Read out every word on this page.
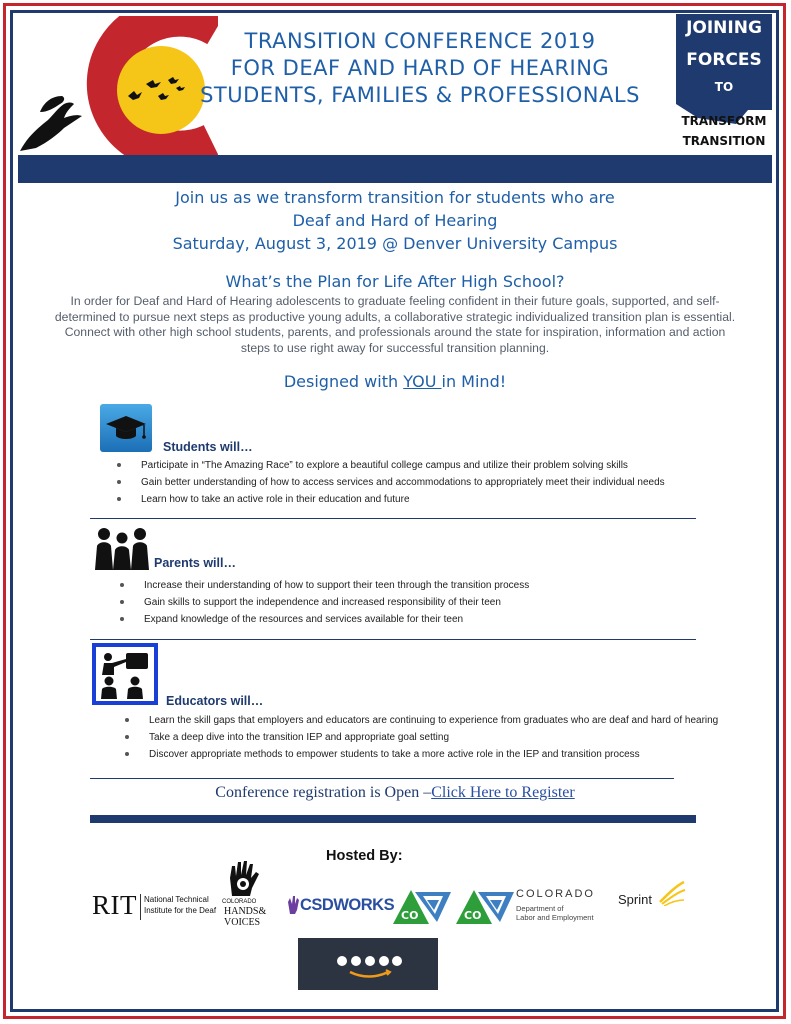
TRANSITION CONFERENCE 2019
FOR DEAF AND HARD OF HEARING
STUDENTS, FAMILIES & PROFESSIONALS
JOINING
FORCES
TO
TRANSFORM
TRANSITION
Join us as we transform transition for students who are
Deaf and Hard of Hearing
Saturday, August 3, 2019 @ Denver University Campus
What’s the Plan for Life After High School?
In order for Deaf and Hard of Hearing adolescents to graduate feeling confident in their future goals, supported, and self-
determined to pursue next steps as productive young adults, a collaborative strategic individualized transition plan is essential.
Connect with other high school students, parents, and professionals around the state for inspiration, information and action
steps to use right away for successful transition planning.
Designed with YOU in Mind!
Students will…
Participate in “The Amazing Race” to explore a beautiful college campus and utilize their problem solving skills
Gain better understanding of how to access services and accommodations to appropriately meet their individual needs
Learn how to take an active role in their education and future
Parents will…
Increase their understanding of how to support their teen through the transition process
Gain skills to support the independence and increased responsibility of their teen
Expand knowledge of the resources and services available for their teen
Educators will…
Learn the skill gaps that employers and educators are continuing to experience from graduates who are deaf and hard of hearing
Take a deep dive into the transition IEP and appropriate goal setting
Discover appropriate methods to empower students to take a more active role in the IEP and transition process
Conference registration is Open –Click Here to Register
Hosted By:
RIT National Technical
Institute for the Deaf
COLORADO
HANDS&
VOICES
CSDWORKS
CO
CDE
CO
CDLE COLORADO
Department of
Labor and Employment
Sprint
